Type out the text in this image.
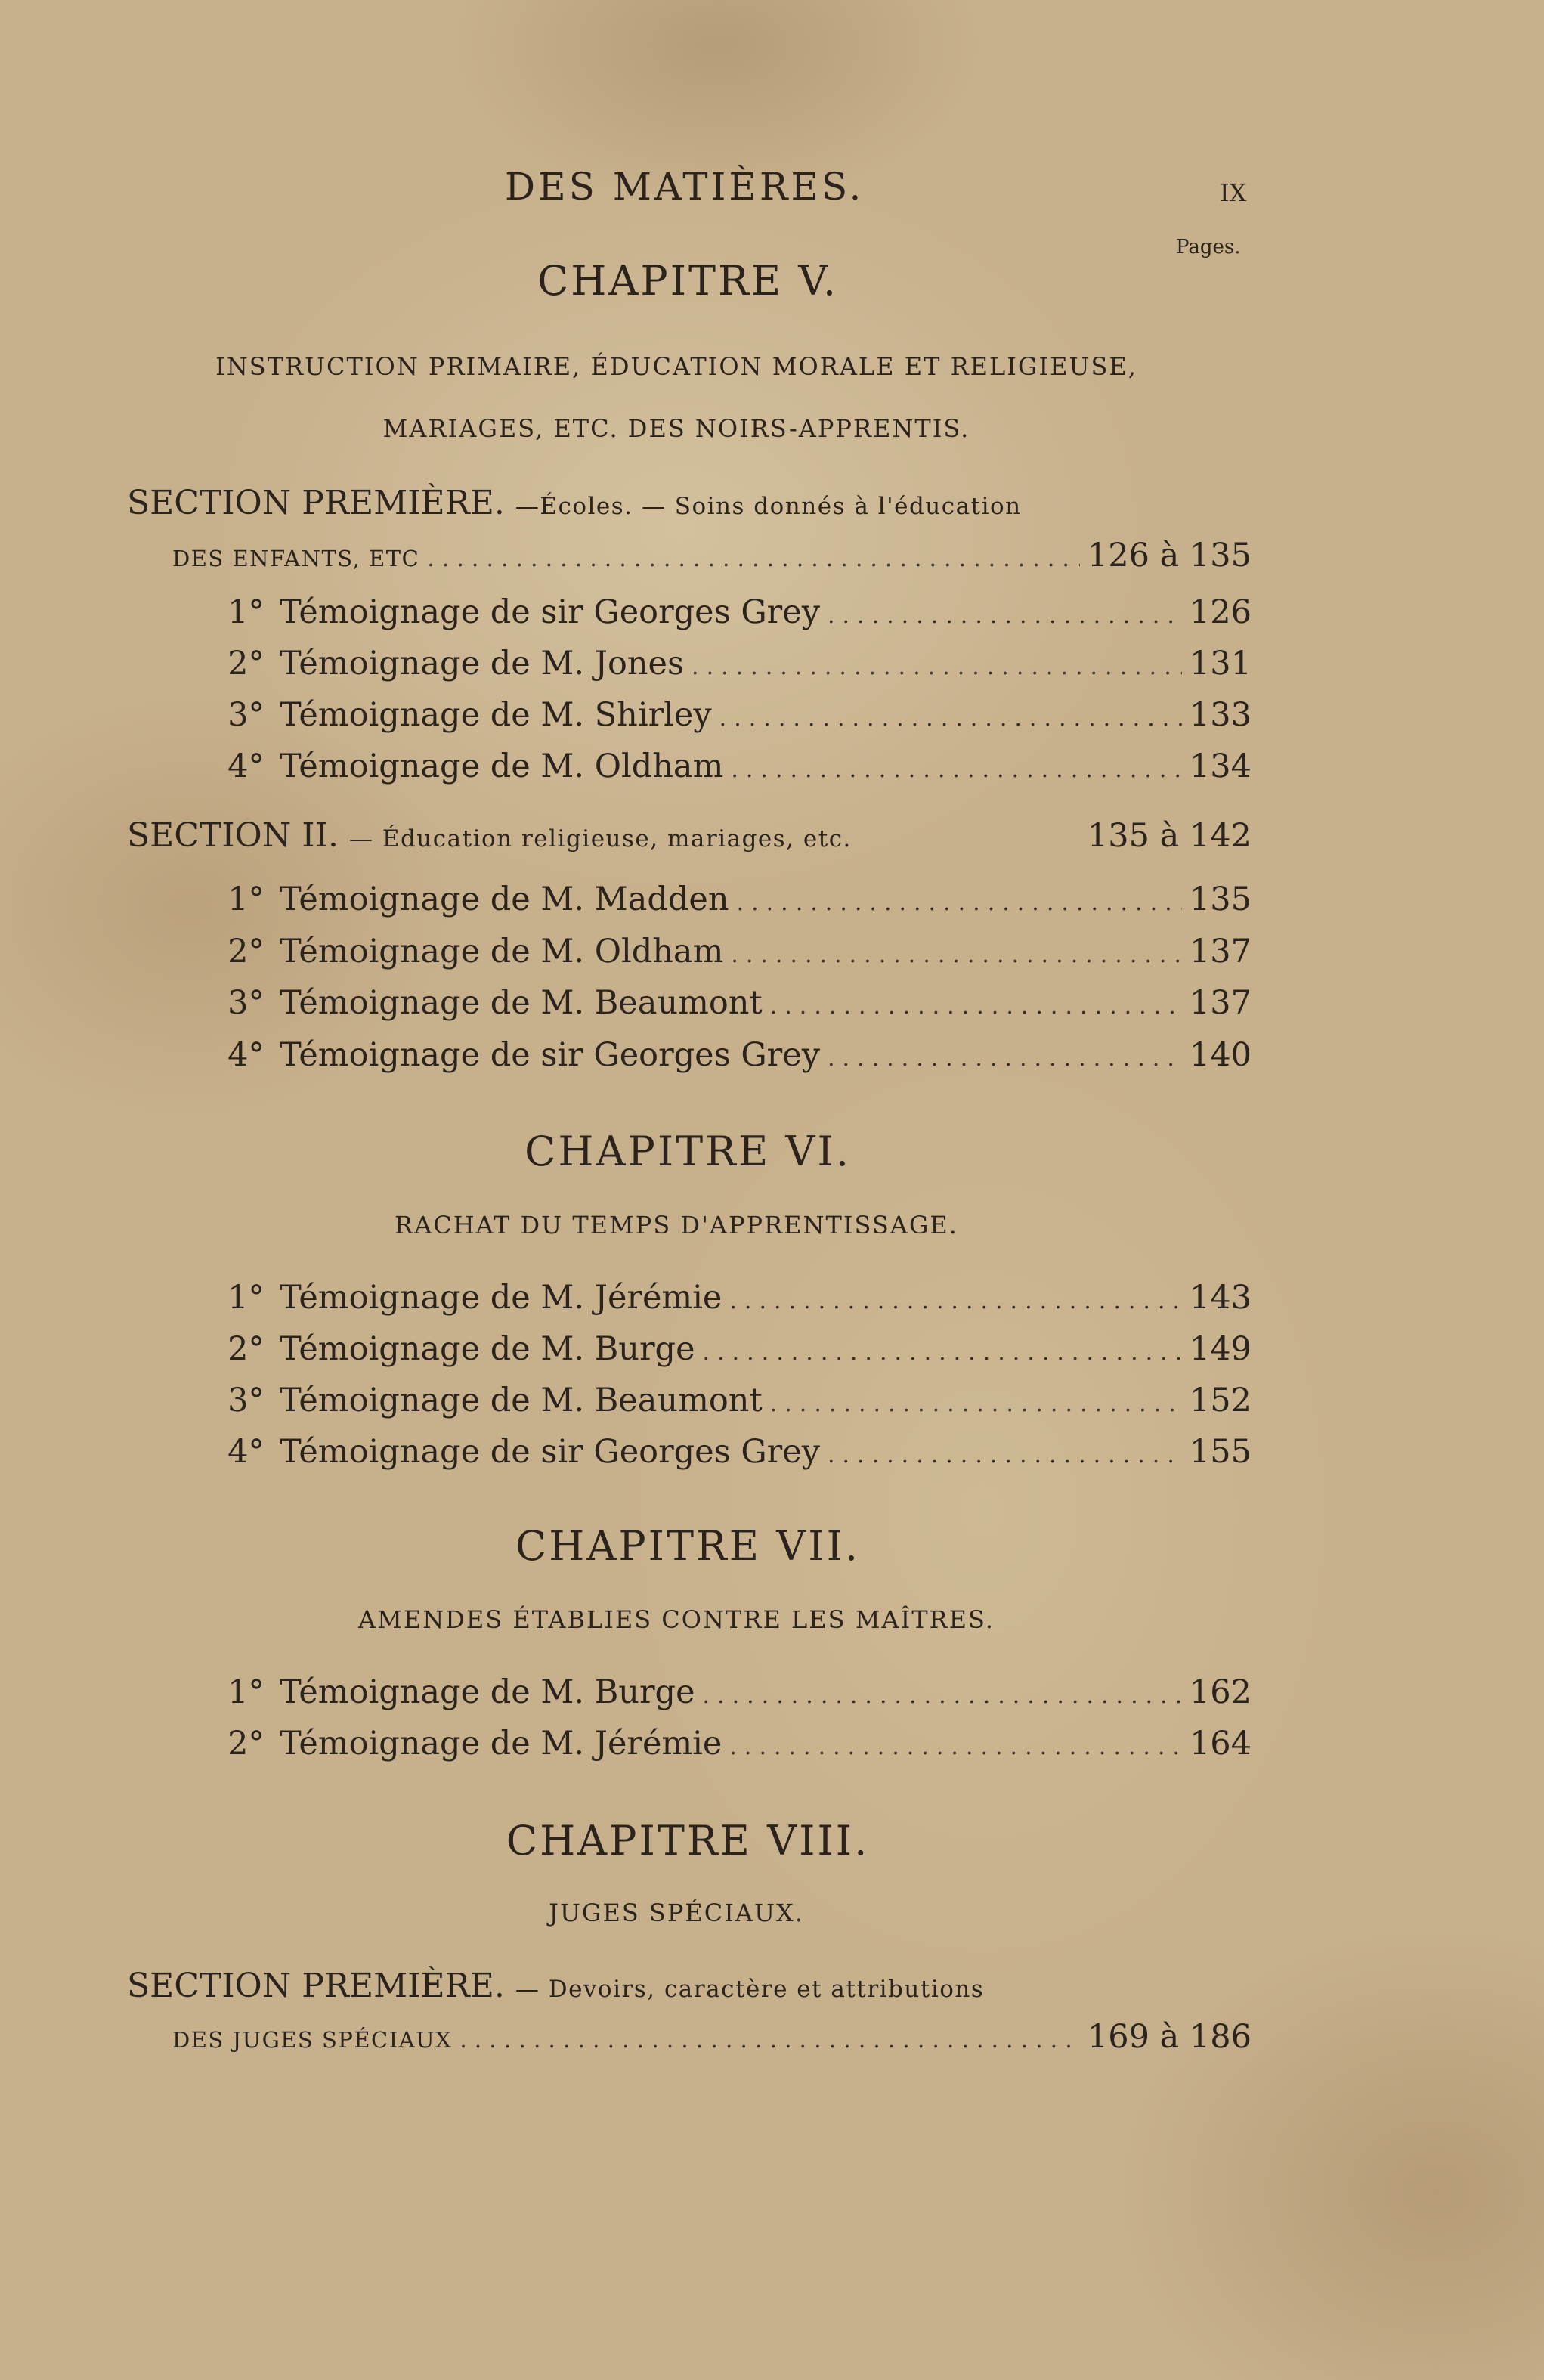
DES MATIÈRES.	IX
Pages.
CHAPITRE V.
INSTRUCTION PRIMAIRE, ÉDUCATION MORALE ET RELIGIEUSE,
MARIAGES, ETC. DES NOIRS-APPRENTIS.
SECTION PREMIÈRE. —Écoles. — Soins donnés à l'éducation
DES ENFANTS, ETC .....	126 à 135
1° Témoignage de sir Georges Grey .....	126
2° Témoignage de M. Jones .....	131
3° Témoignage de M. Shirley .....	133
4° Témoignage de M. Oldham .....	134
SECTION II. — Éducation religieuse, mariages, etc.	135 à 142
1° Témoignage de M. Madden .....	135
2° Témoignage de M. Oldham .....	137
3° Témoignage de M. Beaumont .....	137
4° Témoignage de sir Georges Grey .....	140
CHAPITRE VI.
RACHAT DU TEMPS D'APPRENTISSAGE.
1° Témoignage de M. Jérémie .....	143
2° Témoignage de M. Burge .....	149
3° Témoignage de M. Beaumont .....	152
4° Témoignage de sir Georges Grey .....	155
CHAPITRE VII.
AMENDES ÉTABLIES CONTRE LES MAÎTRES.
1° Témoignage de M. Burge .....	162
2° Témoignage de M. Jérémie .....	164
CHAPITRE VIII.
JUGES SPÉCIAUX.
SECTION PREMIÈRE. — Devoirs, caractère et attributions
DES JUGES SPÉCIAUX .....	169 à 186
